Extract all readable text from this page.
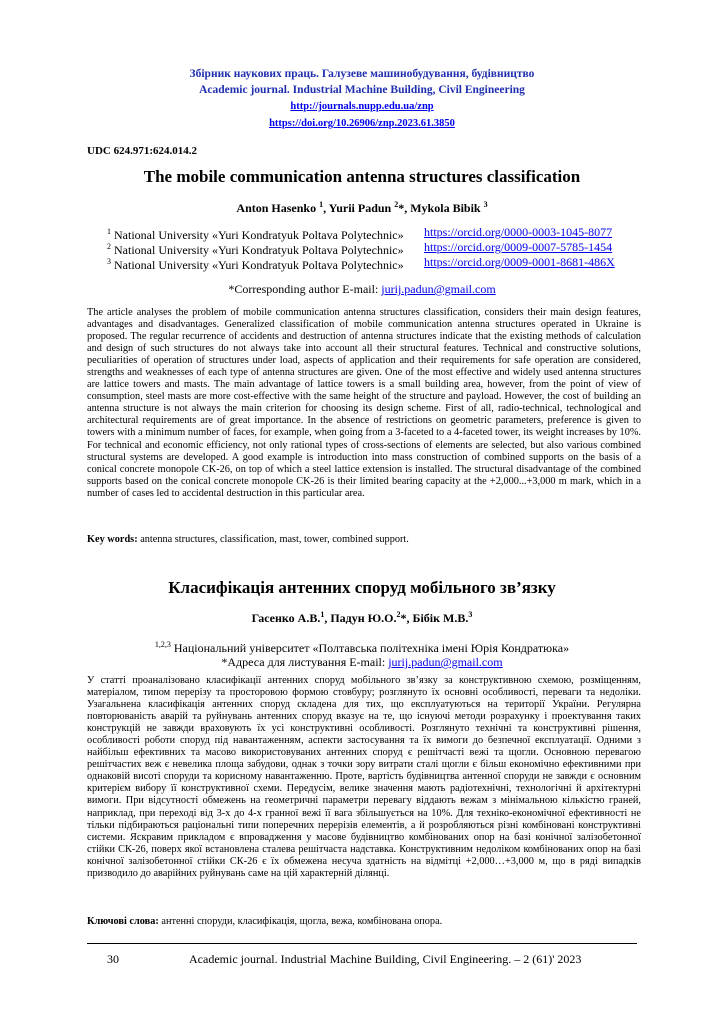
Збірник наукових праць. Галузеве машинобудування, будівництво
Academic journal. Industrial Machine Building, Civil Engineering
http://journals.nupp.edu.ua/znp
https://doi.org/10.26906/znp.2023.61.3850
UDC 624.971:624.014.2
The mobile communication antenna structures classification
Anton Hasenko $^1$, Yurii Padun $^2$*, Mykola Bibik $^3$
$^1$ National University «Yuri Kondratyuk Poltava Polytechnic» https://orcid.org/0000-0003-1045-8077
$^2$ National University «Yuri Kondratyuk Poltava Polytechnic» https://orcid.org/0009-0007-5785-1454
$^3$ National University «Yuri Kondratyuk Poltava Polytechnic» https://orcid.org/0009-0001-8681-486X
*Corresponding author E-mail: jurij.padun@gmail.com
The article analyses the problem of mobile communication antenna structures classification, considers their main design features, advantages and disadvantages. Generalized classification of mobile communication antenna structures operated in Ukraine is proposed. The regular recurrence of accidents and destruction of antenna structures indicate that the existing methods of calculation and design of such structures do not always take into account all their structural features. Technical and constructive solutions, peculiarities of operation of structures under load, aspects of application and their requirements for safe operation are considered, strengths and weaknesses of each type of antenna structures are given. One of the most effective and widely used antenna structures are lattice towers and masts. The main advantage of lattice towers is a small building area, however, from the point of view of consumption, steel masts are more cost-effective with the same height of the structure and payload. However, the cost of building an antenna structure is not always the main criterion for choosing its design scheme. First of all, radio-technical, technological and architectural requirements are of great importance. In the absence of restrictions on geometric parameters, preference is given to towers with a minimum number of faces, for example, when going from a 3-faceted to a 4-faceted tower, its weight increases by 10%. For technical and economic efficiency, not only rational types of cross-sections of elements are selected, but also various combined structural systems are developed. A good example is introduction into mass construction of combined supports on the basis of a conical concrete monopole CK-26, on top of which a steel lattice extension is installed. The structural disadvantage of the combined supports based on the conical concrete monopole CK-26 is their limited bearing capacity at the +2,000...+3,000 m mark, which in a number of cases led to accidental destruction in this particular area.
Key words: antenna structures, classification, mast, tower, combined support.
Класифікація антенних споруд мобільного зв’язку
Гасенко А.В.$^1$, Падун Ю.О.$^2$*, Бібік М.В.$^3$
$^{1,2,3}$ Національний університет «Полтавська політехніка імені Юрія Кондратюка»
*Адреса для листування E-mail: jurij.padun@gmail.com
У статті проаналізовано класифікації антенних споруд мобільного зв’язку за конструктивною схемою, розміщенням, матеріалом, типом перерізу та просторовою формою стовбуру; розглянуто їх основні особливості, переваги та недоліки. Узагальнена класифікація антенних споруд складена для тих, що експлуатуються на території України. Регулярна повторюваність аварій та руйнувань антенних споруд вказує на те, що існуючі методи розрахунку і проектування таких конструкцій не завжди враховують їх усі конструктивні особливості. Розглянуто технічні та конструктивні рішення, особливості роботи споруд під навантаженням, аспекти застосування та їх вимоги до безпечної експлуатації. Одними з найбільш ефективних та масово використовуваних антенних споруд є решітчасті вежі та щогли. Основною перевагою решітчастих веж є невелика площа забудови, однак з точки зору витрати сталі щогли є більш економічно ефективними при однаковій висоті споруди та корисному навантаженню. Проте, вартість будівництва антенної споруди не завжди є основним критерієм вибору її конструктивної схеми. Передусім, велике значення мають радіотехнічні, технологічні й архітектурні вимоги. При відсутності обмежень на геометричні параметри перевагу віддають вежам з мінімальною кількістю граней, наприклад, при переході від 3-х до 4-х гранної вежі її вага збільшується на 10%. Для техніко-економічної ефективності не тільки підбираються раціональні типи поперечних перерізів елементів, а й розробляються різні комбіновані конструктивні системи. Яскравим прикладом є впровадження у масове будівництво комбінованих опор на базі конічної залізобетонної стійки СК-26, поверх якої встановлена сталева решітчаста надставка. Конструктивним недоліком комбінованих опор на базі конічної залізобетонної стійки СК-26 є їх обмежена несуча здатність на відмітці +2,000…+3,000 м, що в ряді випадків призводило до аварійних руйнувань саме на цій характерній ділянці.
Ключові слова: антенні споруди, класифікація, щогла, вежа, комбінована опора.
30	Academic journal. Industrial Machine Building, Civil Engineering. – 2 (61)' 2023
